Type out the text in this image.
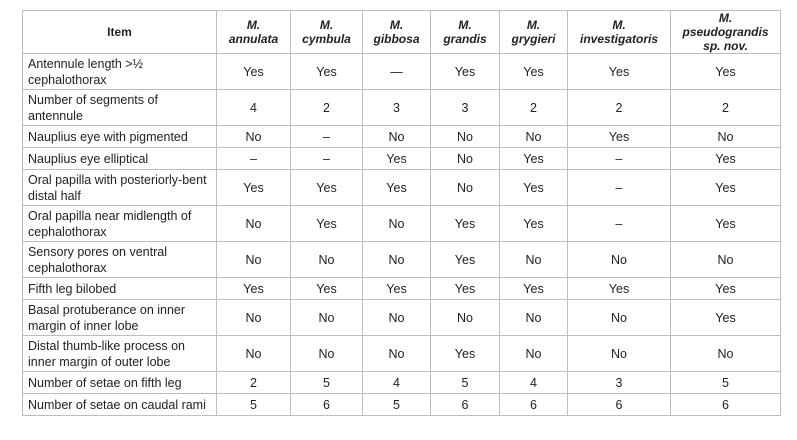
Item	M. annulata	M. cymbula	M. gibbosa	M. grandis	M. grygieri	M. investigatoris	M. pseudograndis sp. nov.
Antennule length >½ cephalothorax	Yes	Yes	—	Yes	Yes	Yes	Yes
Number of segments of antennule	4	2	3	3	2	2	2
Nauplius eye with pigmented	No	–	No	No	No	Yes	No
Nauplius eye elliptical	–	–	Yes	No	Yes	–	Yes
Oral papilla with posteriorly-bent distal half	Yes	Yes	Yes	No	Yes	–	Yes
Oral papilla near midlength of cephalothorax	No	Yes	No	Yes	Yes	–	Yes
Sensory pores on ventral cephalothorax	No	No	No	Yes	No	No	No
Fifth leg bilobed	Yes	Yes	Yes	Yes	Yes	Yes	Yes
Basal protuberance on inner margin of inner lobe	No	No	No	No	No	No	Yes
Distal thumb-like process on inner margin of outer lobe	No	No	No	Yes	No	No	No
Number of setae on fifth leg	2	5	4	5	4	3	5
Number of setae on caudal rami	5	6	5	6	6	6	6
